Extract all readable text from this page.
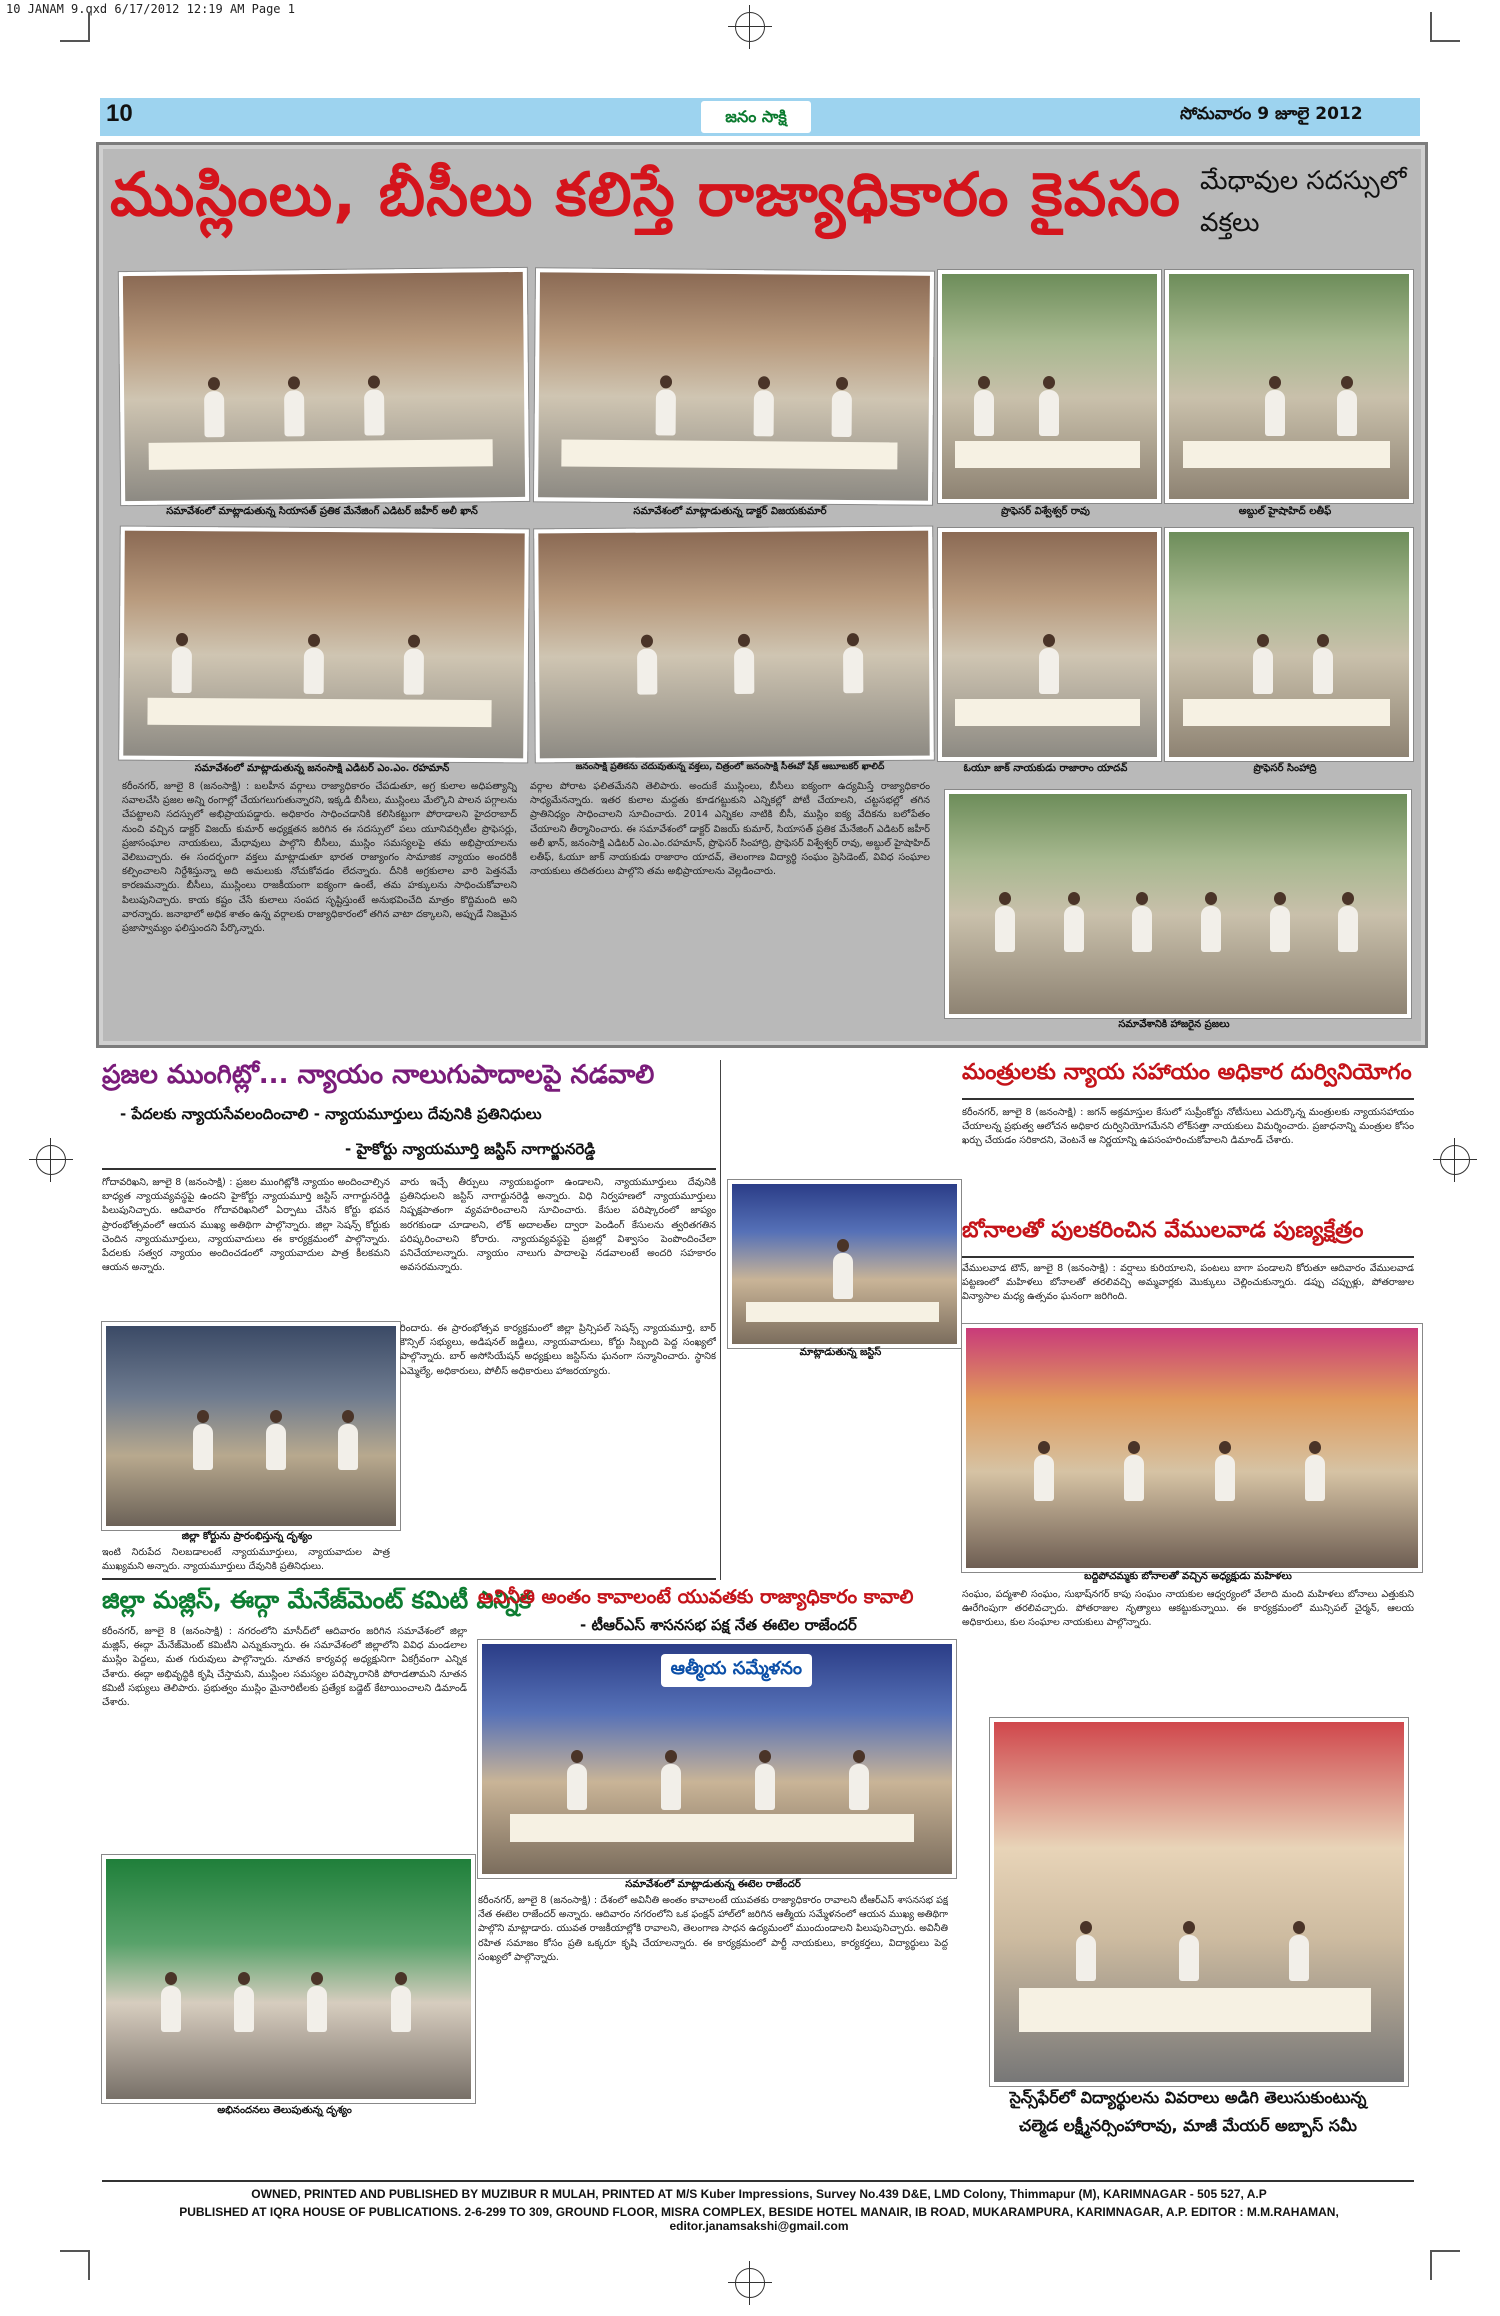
10 JANAM 9.qxd 6/17/2012 12:19 AM Page 1
10	జనం సాక్షి	సోమవారం 9 జూలై 2012
ముస్లింలు, బీసీలు కలిస్తే రాజ్యాధికారం కైవసం మేధావుల సదస్సులో వక్తలు
సమావేశంలో మాట్లాడుతున్న సియాసత్ ప్రతిక మేనేజింగ్ ఎడిటర్ జహీర్ అలీ ఖాన్	సమావేశంలో మాట్లాడుతున్న డాక్టర్ విజయకుమార్	ప్రొఫెసర్ విశ్వేశ్వర్ రావు	అబ్దుల్ హైషాహిద్ లతీఫ్
సమావేశంలో మాట్లాడుతున్న జనంసాక్షి ఎడిటర్ ఎం.ఎం. రహమాన్	జనంసాక్షి ప్రతికను చదువుతున్న వక్తలు, చిత్రంలో జనంసాక్షి సీఈవో షేక్ ఆబూబకర్ ఖాలిద్	ఓయూ జాక్ నాయకుడు రాజారాం యాదవ్	ప్రొఫెసర్ సింహాద్రి
కరీంనగర్, జూలై 8 (జనంసాక్షి) : బలహీన వర్గాలు రాజ్యాధికారం చేపడుతూ, అగ్ర కులాల అధిపత్యాన్ని సవాలచేసి ప్రజల అన్ని రంగాల్లో చేయగలుగుతున్నారని, ఇక్కడి బీసీలు, ముస్లింలు మేల్కొని పాలన పగ్గాలను చేపట్టాలని సదస్సులో అభిప్రాయపడ్డారు. అధికారం సాధించడానికి కలిసికట్టుగా పోరాడాలని హైదరాబాద్ నుంచి వచ్చిన డాక్టర్ విజయ్ కుమార్ అధ్యక్షతన జరిగిన ఈ సదస్సులో పలు యూనివర్సిటీల ప్రొఫెసర్లు, ప్రజాసంఘాల నాయకులు, మేధావులు పాల్గొని బీసీలు, ముస్లిం సమస్యలపై తమ అభిప్రాయాలను వెలిబుచ్చారు. ఈ సందర్భంగా వక్తలు మాట్లాడుతూ భారత రాజ్యాంగం సామాజిక న్యాయం అందరికీ కల్పించాలని నిర్దేశిస్తున్నా అది అమలుకు నోచుకోవడం లేదన్నారు. దీనికి అగ్రకులాల వారి పెత్తనమే కారణమన్నారు. బీసీలు, ముస్లింలు రాజకీయంగా ఐక్యంగా ఉంటే, తమ హక్కులను సాధించుకోవాలని పిలుపునిచ్చారు. కాయ కష్టం చేసే కులాలు సంపద సృష్టిస్తుంటే అనుభవించేది మాత్రం కొద్దిమంది అని వారన్నారు. జనాభాలో అధిక శాతం ఉన్న వర్గాలకు రాజ్యాధికారంలో తగిన వాటా దక్కాలని, అప్పుడే నిజమైన ప్రజాస్వామ్యం ఫలిస్తుందని పేర్కొన్నారు.
వర్గాల పోరాట ఫలితమేనని తెలిపారు. అందుకే ముస్లింలు, బీసీలు ఐక్యంగా ఉద్యమిస్తే రాజ్యాధికారం సాధ్యమేనన్నారు. ఇతర కులాల మద్దతు కూడగట్టుకుని ఎన్నికల్లో పోటీ చేయాలని, చట్టసభల్లో తగిన ప్రాతినిధ్యం సాధించాలని సూచించారు. 2014 ఎన్నికల నాటికి బీసీ, ముస్లిం ఐక్య వేదికను బలోపేతం చేయాలని తీర్మానించారు. ఈ సమావేశంలో డాక్టర్ విజయ్ కుమార్, సియాసత్ ప్రతిక మేనేజింగ్ ఎడిటర్ జహీర్ అలీ ఖాన్, జనంసాక్షి ఎడిటర్ ఎం.ఎం.రహమాన్, ప్రొఫెసర్ సింహాద్రి, ప్రొఫెసర్ విశ్వేశ్వర్ రావు, అబ్దుల్ హైషాహిద్ లతీఫ్, ఓయూ జాక్ నాయకుడు రాజారాం యాదవ్, తెలంగాణ విద్యార్థి సంఘం ప్రెసిడెంట్, వివిధ సంఘాల నాయకులు తదితరులు పాల్గొని తమ అభిప్రాయాలను వెల్లడించారు.
సమావేశానికి హాజరైన ప్రజలు
ప్రజల ముంగిట్లో... న్యాయం నాలుగుపాదాలపై నడవాలి
- పేదలకు న్యాయసేవలందించాలి - న్యాయమూర్తులు దేవునికి ప్రతినిధులు
- హైకోర్టు న్యాయమూర్తి జస్టిస్ నాగార్జునరెడ్డి
గోదావరిఖని, జూలై 8 (జనంసాక్షి) : ప్రజల ముంగిట్లోకి న్యాయం అందించాల్సిన బాధ్యత న్యాయవ్యవస్థపై ఉందని హైకోర్టు న్యాయమూర్తి జస్టిస్ నాగార్జునరెడ్డి పిలుపునిచ్చారు. ఆదివారం గోదావరిఖనిలో ఏర్పాటు చేసిన కోర్టు భవన ప్రారంభోత్సవంలో ఆయన ముఖ్య అతిథిగా పాల్గొన్నారు. జిల్లా సెషన్స్ కోర్టుకు చెందిన న్యాయమూర్తులు, న్యాయవాదులు ఈ కార్యక్రమంలో పాల్గొన్నారు. పేదలకు సత్వర న్యాయం అందించడంలో న్యాయవాదుల పాత్ర కీలకమని ఆయన అన్నారు.
వారు ఇచ్చే తీర్పులు న్యాయబద్ధంగా ఉండాలని, న్యాయమూర్తులు దేవునికి ప్రతినిధులని జస్టిస్ నాగార్జునరెడ్డి అన్నారు. విధి నిర్వహణలో న్యాయమూర్తులు నిష్పక్షపాతంగా వ్యవహరించాలని సూచించారు. కేసుల పరిష్కారంలో జాప్యం జరగకుండా చూడాలని, లోక్ అదాలత్‌ల ద్వారా పెండింగ్ కేసులను త్వరితగతిన పరిష్కరించాలని కోరారు. న్యాయవ్యవస్థపై ప్రజల్లో విశ్వాసం పెంపొందించేలా పనిచేయాలన్నారు. న్యాయం నాలుగు పాదాలపై నడవాలంటే అందరి సహకారం అవసరమన్నారు.
జిల్లా కోర్టును ప్రారంభిస్తున్న దృశ్యం
ఇంటి నిరుపేద నిలబడాలంటే న్యాయమూర్తులు, న్యాయవాదుల పాత్ర ముఖ్యమని అన్నారు. న్యాయమూర్తులు దేవునికి ప్రతినిధులు.
రిందారు. ఈ ప్రారంభోత్సవ కార్యక్రమంలో జిల్లా ప్రిన్సిపల్ సెషన్స్ న్యాయమూర్తి, బార్ కౌన్సిల్ సభ్యులు, అడిషనల్ జడ్జిలు, న్యాయవాదులు, కోర్టు సిబ్బంది పెద్ద సంఖ్యలో పాల్గొన్నారు. బార్ అసోసియేషన్ అధ్యక్షులు జస్టిస్‌ను ఘనంగా సన్మానించారు. స్థానిక ఎమ్మెల్యే, అధికారులు, పోలీస్ అధికారులు హాజరయ్యారు.
మాట్లాడుతున్న జస్టిస్
మంత్రులకు న్యాయ సహాయం అధికార దుర్వినియోగం
కరీంనగర్, జూలై 8 (జనంసాక్షి) : జగన్ అక్రమాస్తుల కేసులో సుప్రీంకోర్టు నోటీసులు ఎదుర్కొన్న మంత్రులకు న్యాయసహాయం చేయాలన్న ప్రభుత్వ ఆలోచన అధికార దుర్వినియోగమేనని లోక్‌సత్తా నాయకులు విమర్శించారు. ప్రజాధనాన్ని మంత్రుల కోసం ఖర్చు చేయడం సరికాదని, వెంటనే ఆ నిర్ణయాన్ని ఉపసంహరించుకోవాలని డిమాండ్ చేశారు.
బోనాలతో పులకరించిన వేములవాడ పుణ్యక్షేత్రం
వేములవాడ టౌన్, జూలై 8 (జనంసాక్షి) : వర్షాలు కురియాలని, పంటలు బాగా పండాలని కోరుతూ ఆదివారం వేములవాడ పట్టణంలో మహిళలు బోనాలతో తరలివచ్చి అమ్మవార్లకు మొక్కులు చెల్లించుకున్నారు. డప్పు చప్పుళ్లు, పోతరాజుల విన్యాసాల మధ్య ఉత్సవం ఘనంగా జరిగింది.
బద్దిపోచమ్మకు బోనాలతో వచ్చిన అధ్యక్షుడు మహిళలు
సంఘం, పద్మశాలి సంఘం, సుభాష్‌నగర్ కాపు సంఘం నాయకుల ఆధ్వర్యంలో వేలాది మంది మహిళలు బోనాలు ఎత్తుకుని ఊరేగింపుగా తరలివచ్చారు. పోతరాజుల నృత్యాలు ఆకట్టుకున్నాయి. ఈ కార్యక్రమంలో మున్సిపల్ చైర్మన్, ఆలయ అధికారులు, కుల సంఘాల నాయకులు పాల్గొన్నారు.
జిల్లా మజ్లిస్, ఈద్గా మేనేజ్‌మెంట్ కమిటీ ఎన్నిక
కరీంనగర్, జూలై 8 (జనంసాక్షి) : నగరంలోని మాసీద్‌లో ఆదివారం జరిగిన సమావేశంలో జిల్లా మజ్లిస్, ఈద్గా మేనేజ్‌మెంట్ కమిటీని ఎన్నుకున్నారు. ఈ సమావేశంలో జిల్లాలోని వివిధ మండలాల ముస్లిం పెద్దలు, మత గురువులు పాల్గొన్నారు. నూతన కార్యవర్గ అధ్యక్షునిగా ఏకగ్రీవంగా ఎన్నిక చేశారు. ఈద్గా అభివృద్ధికి కృషి చేస్తామని, ముస్లింల సమస్యల పరిష్కారానికి పోరాడతామని నూతన కమిటీ సభ్యులు తెలిపారు. ప్రభుత్వం ముస్లిం మైనారిటీలకు ప్రత్యేక బడ్జెట్ కేటాయించాలని డిమాండ్ చేశారు.
అభినందనలు తెలుపుతున్న దృశ్యం
అవినీతి అంతం కావాలంటే యువతకు రాజ్యాధికారం కావాలి
- టీఆర్ఎస్ శాసనసభ పక్ష నేత ఈటెల రాజేందర్
ఆత్మీయ సమ్మేళనం
సమావేశంలో మాట్లాడుతున్న ఈటెల రాజేందర్
కరీంనగర్, జూలై 8 (జనంసాక్షి) : దేశంలో అవినీతి అంతం కావాలంటే యువతకు రాజ్యాధికారం రావాలని టీఆర్ఎస్ శాసనసభ పక్ష నేత ఈటెల రాజేందర్ అన్నారు. ఆదివారం నగరంలోని ఒక ఫంక్షన్ హాల్‌లో జరిగిన ఆత్మీయ సమ్మేళనంలో ఆయన ముఖ్య అతిథిగా పాల్గొని మాట్లాడారు. యువత రాజకీయాల్లోకి రావాలని, తెలంగాణ సాధన ఉద్యమంలో ముందుండాలని పిలుపునిచ్చారు. అవినీతి రహిత సమాజం కోసం ప్రతి ఒక్కరూ కృషి చేయాలన్నారు. ఈ కార్యక్రమంలో పార్టీ నాయకులు, కార్యకర్తలు, విద్యార్థులు పెద్ద సంఖ్యలో పాల్గొన్నారు.
సైన్స్‌ఫేర్‌లో విద్యార్థులను వివరాలు అడిగి తెలుసుకుంటున్న
చల్మెడ లక్ష్మీనర్సింహారావు, మాజీ మేయర్ అబ్బాస్ సమీ
OWNED, PRINTED AND PUBLISHED BY MUZIBUR R MULAH, PRINTED AT M/S Kuber Impressions, Survey No.439 D&E, LMD Colony, Thimmapur (M), KARIMNAGAR - 505 527, A.P
PUBLISHED AT IQRA HOUSE OF PUBLICATIONS. 2-6-299 TO 309, GROUND FLOOR, MISRA COMPLEX, BESIDE HOTEL MANAIR, IB ROAD, MUKARAMPURA, KARIMNAGAR, A.P. EDITOR : M.M.RAHAMAN, editor.janamsakshi@gmail.com
